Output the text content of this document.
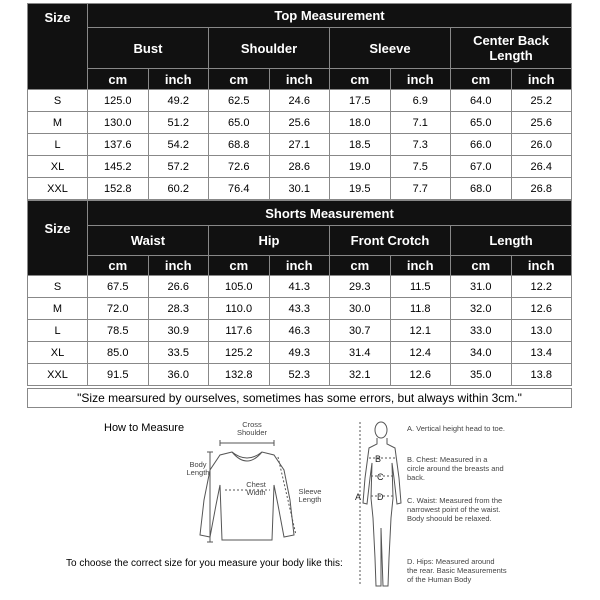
Size	Top Measurement							
	Bust		Shoulder		Sleeve		Center Back Length	
	cm	inch	cm	inch	cm	inch	cm	inch
S	125.0	49.2	62.5	24.6	17.5	6.9	64.0	25.2
M	130.0	51.2	65.0	25.6	18.0	7.1	65.0	25.6
L	137.6	54.2	68.8	27.1	18.5	7.3	66.0	26.0
XL	145.2	57.2	72.6	28.6	19.0	7.5	67.0	26.4
XXL	152.8	60.2	76.4	30.1	19.5	7.7	68.0	26.8
Size	Shorts Measurement							
	Waist		Hip		Front Crotch		Length	
	cm	inch	cm	inch	cm	inch	cm	inch
S	67.5	26.6	105.0	41.3	29.3	11.5	31.0	12.2
M	72.0	28.3	110.0	43.3	30.0	11.8	32.0	12.6
L	78.5	30.9	117.6	46.3	30.7	12.1	33.0	13.0
XL	85.0	33.5	125.2	49.3	31.4	12.4	34.0	13.4
XXL	91.5	36.0	132.8	52.3	32.1	12.6	35.0	13.8
"Size mearsured by ourselves, sometimes has some errors, but always within 3cm."
How to Measure	Cross Shoulder
Body Length
Chest Width	Sleeve Length
B
C
D
A
A. Vertical height head to toe.
B. Chest: Measured in a circle around the breasts and back.
C. Waist: Measured from the narrowest point of the waist. Body shoould be relaxed.
D. Hips: Measured around the rear. Basic Measurements of the Human Body
To choose the correct size for you measure your body like this:
